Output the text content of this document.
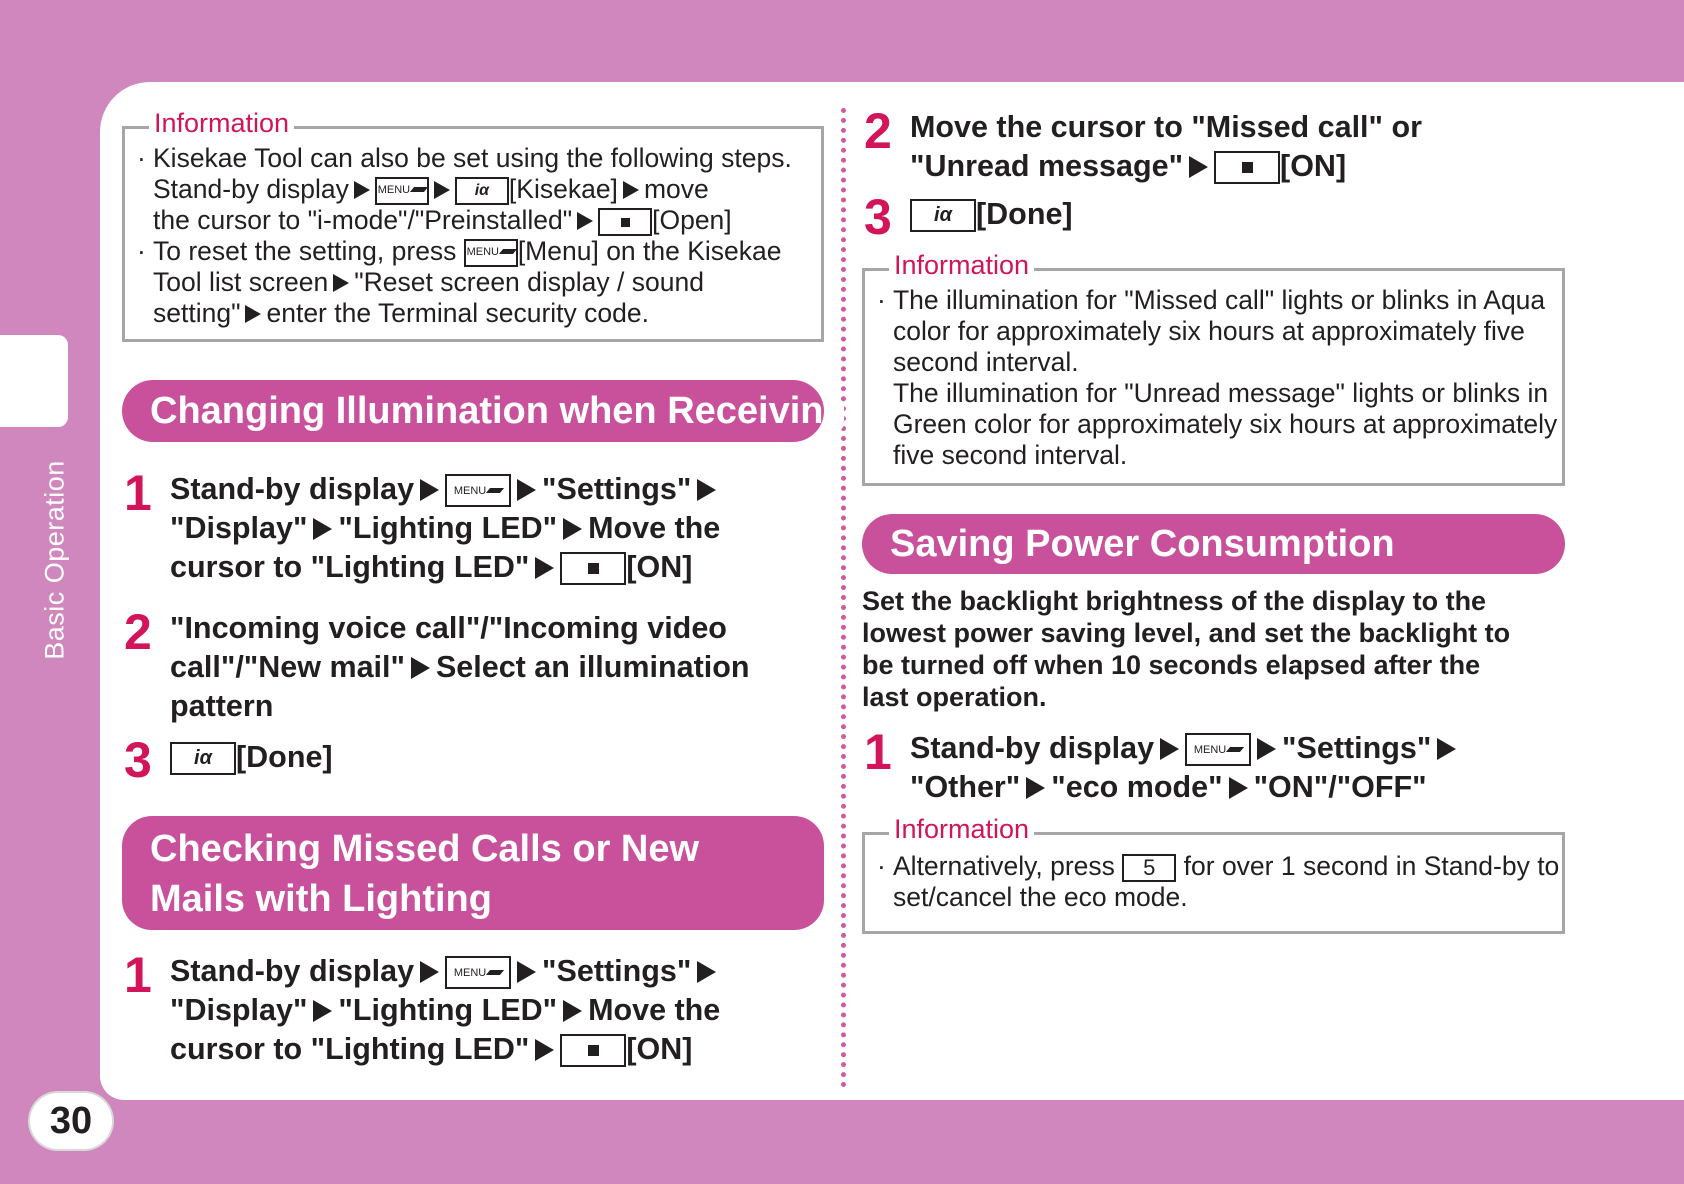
Basic Operation
30
Information
· Kisekae Tool can also be set using the following steps.
Stand-by display	MENU	iα [Kisekae] move
the cursor to "i-mode"/"Preinstalled"	[Open]
· To reset the setting, press MENU [Menu] on the Kisekae
Tool list screen "Reset screen display / sound
setting" enter the Terminal security code.
Changing Illumination when Receiving
1 Stand-by display	MENU "Settings"
"Display" "Lighting LED" Move the
cursor to "Lighting LED"	[ON]
2 "Incoming voice call"/"Incoming video
call"/"New mail" Select an illumination
pattern
3	iα [Done]
Checking Missed Calls or New
Mails with Lighting
1 Stand-by display	MENU "Settings"
"Display" "Lighting LED" Move the
cursor to "Lighting LED"	[ON]
2 Move the cursor to "Missed call" or
"Unread message"	[ON]
3	iα [Done]
Information
· The illumination for "Missed call" lights or blinks in Aqua
color for approximately six hours at approximately five
second interval.
The illumination for "Unread message" lights or blinks in
Green color for approximately six hours at approximately
five second interval.
Saving Power Consumption
Set the backlight brightness of the display to the
lowest power saving level, and set the backlight to
be turned off when 10 seconds elapsed after the
last operation.
1 Stand-by display	MENU "Settings"
"Other" "eco mode" "ON"/"OFF"
Information
· Alternatively, press 5 for over 1 second in Stand-by to
set/cancel the eco mode.
